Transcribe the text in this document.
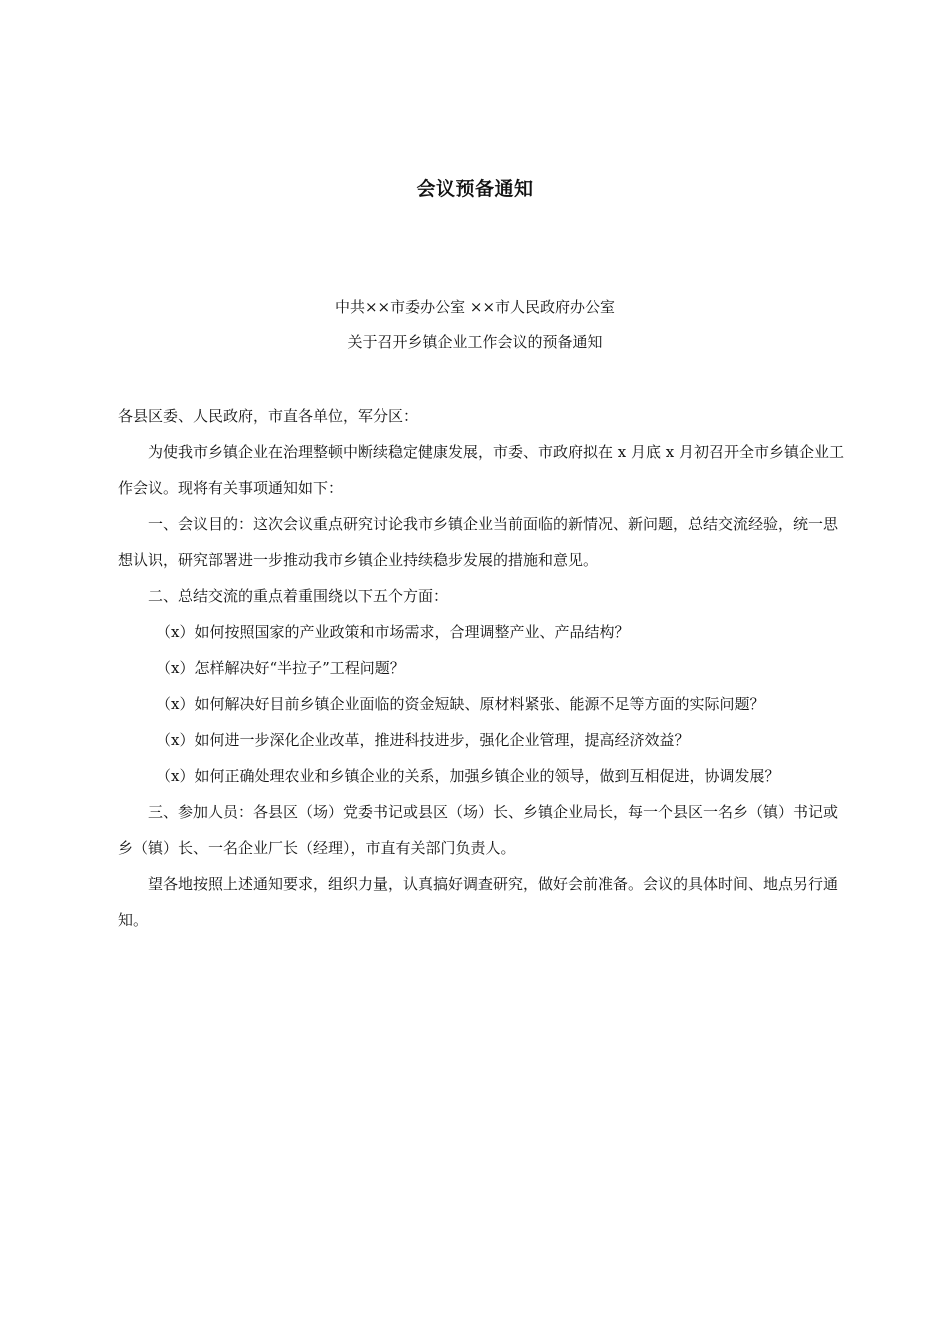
会议预备通知
中共××市委办公室 ××市人民政府办公室
关于召开乡镇企业工作会议的预备通知

各县区委、人民政府，市直各单位，军分区：

为使我市乡镇企业在治理整顿中断续稳定健康发展，市委、市政府拟在 x 月底 x 月初召开全市乡镇企业工作会议。现将有关事项通知如下：

一、会议目的：这次会议重点研究讨论我市乡镇企业当前面临的新情况、新问题，总结交流经验，统一思想认识，研究部署进一步推动我市乡镇企业持续稳步发展的措施和意见。

二、总结交流的重点着重围绕以下五个方面：

（x）如何按照国家的产业政策和市场需求，合理调整产业、产品结构？

（x）怎样解决好“半拉子”工程问题？

（x）如何解决好目前乡镇企业面临的资金短缺、原材料紧张、能源不足等方面的实际问题？

（x）如何进一步深化企业改革，推进科技进步，强化企业管理，提高经济效益？

（x）如何正确处理农业和乡镇企业的关系，加强乡镇企业的领导，做到互相促进，协调发展？

三、参加人员：各县区（场）党委书记或县区（场）长、乡镇企业局长，每一个县区一名乡（镇）书记或乡（镇）长、一名企业厂长（经理），市直有关部门负责人。

望各地按照上述通知要求，组织力量，认真搞好调查研究，做好会前准备。会议的具体时间、地点另行通知。
